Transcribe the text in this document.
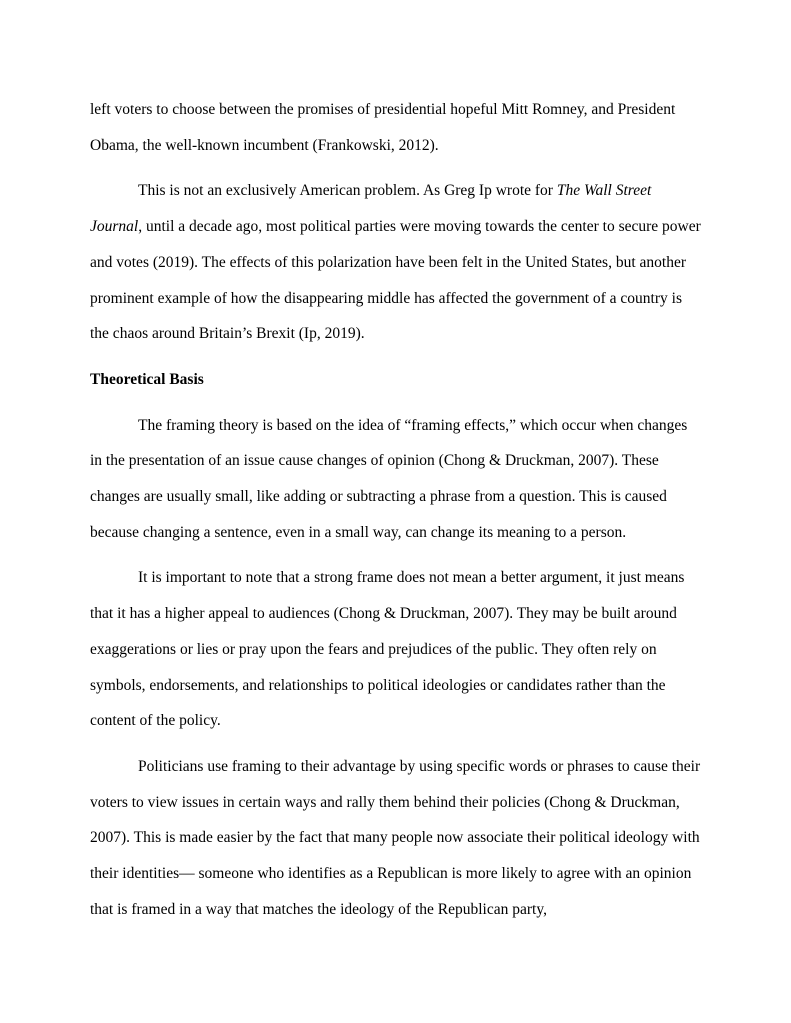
left voters to choose between the promises of presidential hopeful Mitt Romney, and President Obama, the well-known incumbent (Frankowski, 2012).

This is not an exclusively American problem. As Greg Ip wrote for The Wall Street Journal, until a decade ago, most political parties were moving towards the center to secure power and votes (2019). The effects of this polarization have been felt in the United States, but another prominent example of how the disappearing middle has affected the government of a country is the chaos around Britain’s Brexit (Ip, 2019).

Theoretical Basis

The framing theory is based on the idea of “framing effects,” which occur when changes in the presentation of an issue cause changes of opinion (Chong & Druckman, 2007). These changes are usually small, like adding or subtracting a phrase from a question. This is caused because changing a sentence, even in a small way, can change its meaning to a person.

It is important to note that a strong frame does not mean a better argument, it just means that it has a higher appeal to audiences (Chong & Druckman, 2007). They may be built around exaggerations or lies or pray upon the fears and prejudices of the public. They often rely on symbols, endorsements, and relationships to political ideologies or candidates rather than the content of the policy.

Politicians use framing to their advantage by using specific words or phrases to cause their voters to view issues in certain ways and rally them behind their policies (Chong & Druckman, 2007). This is made easier by the fact that many people now associate their political ideology with their identities— someone who identifies as a Republican is more likely to agree with an opinion that is framed in a way that matches the ideology of the Republican party,
